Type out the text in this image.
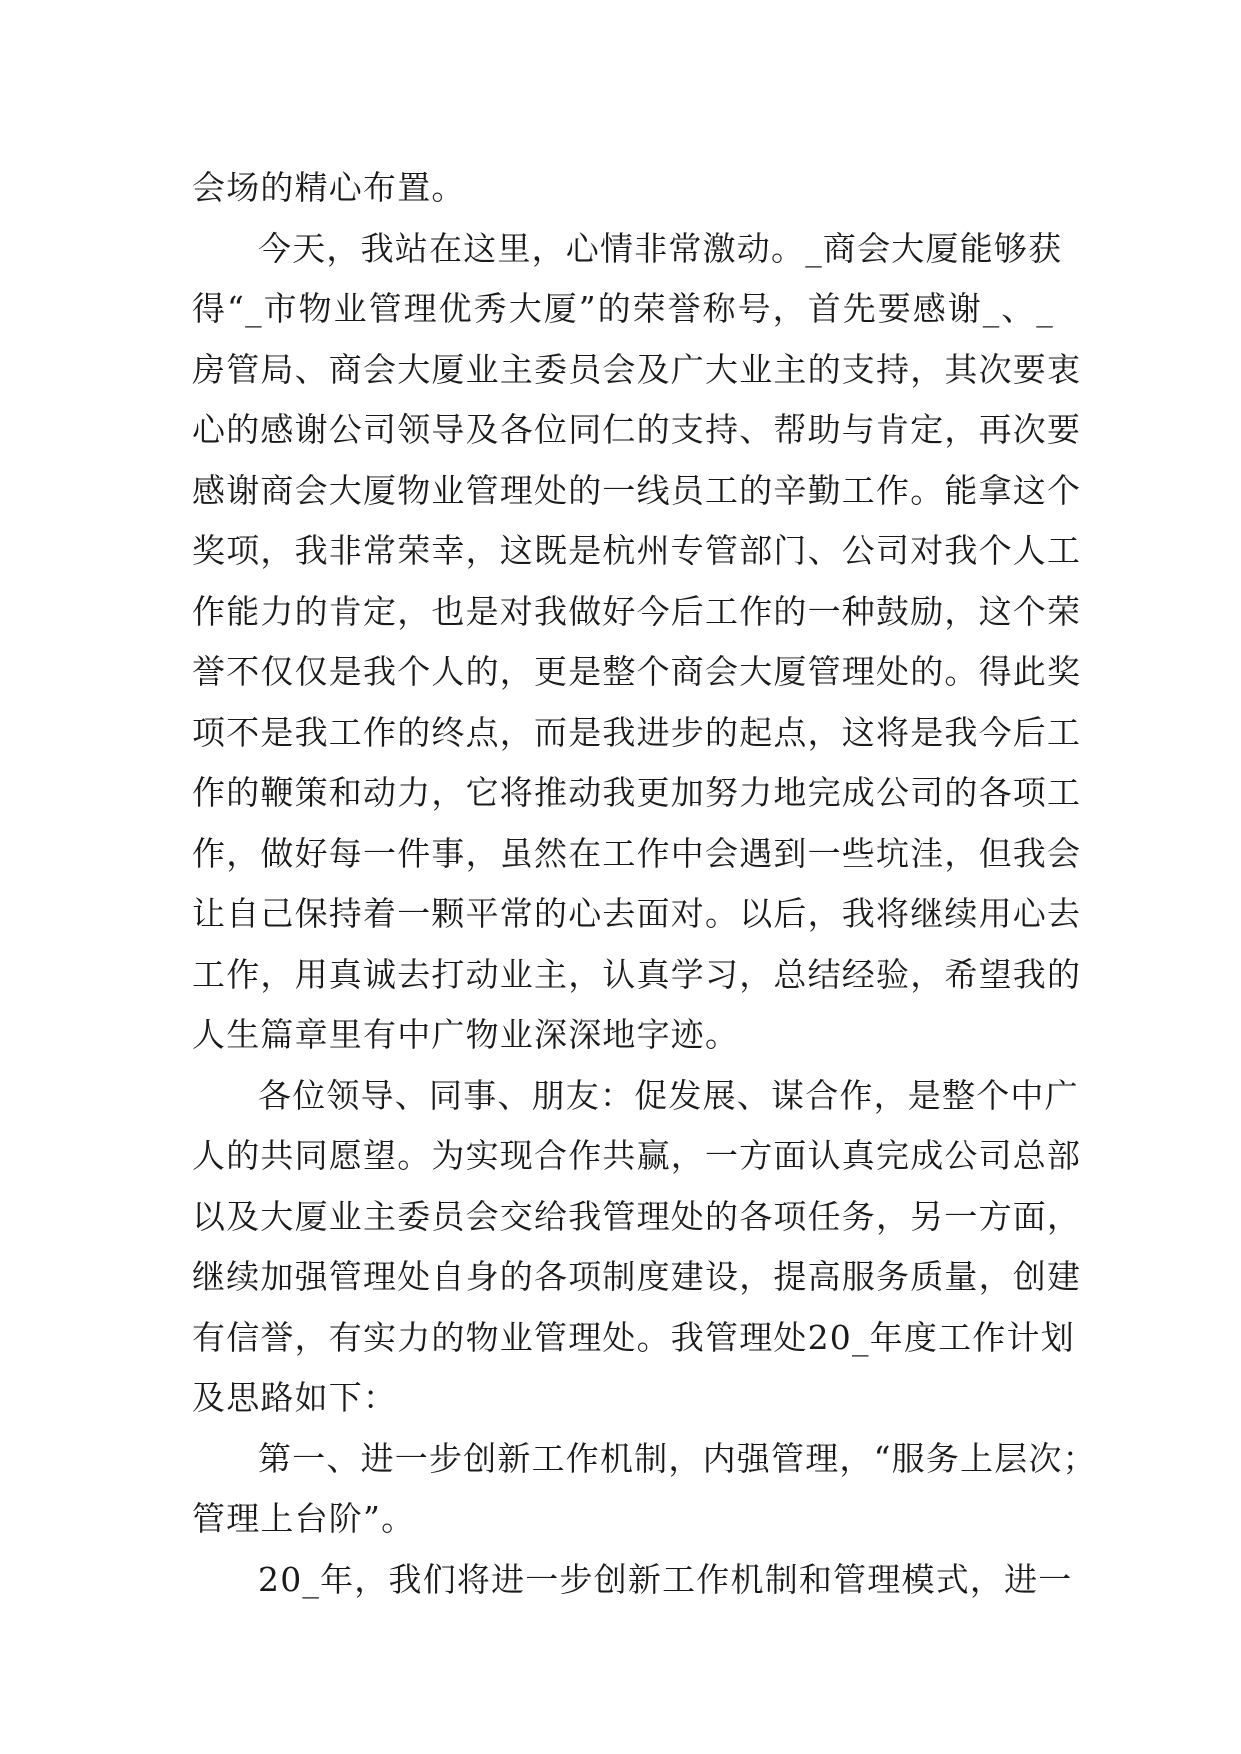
会场的精心布置。
今天，我站在这里，心情非常激动。_商会大厦能够获
得“_市物业管理优秀大厦”的荣誉称号，首先要感谢_、_
房管局、商会大厦业主委员会及广大业主的支持，其次要衷
心的感谢公司领导及各位同仁的支持、帮助与肯定，再次要
感谢商会大厦物业管理处的一线员工的辛勤工作。能拿这个
奖项，我非常荣幸，这既是杭州专管部门、公司对我个人工
作能力的肯定，也是对我做好今后工作的一种鼓励，这个荣
誉不仅仅是我个人的，更是整个商会大厦管理处的。得此奖
项不是我工作的终点，而是我进步的起点，这将是我今后工
作的鞭策和动力，它将推动我更加努力地完成公司的各项工
作，做好每一件事，虽然在工作中会遇到一些坑洼，但我会
让自己保持着一颗平常的心去面对。以后，我将继续用心去
工作，用真诚去打动业主，认真学习，总结经验，希望我的
人生篇章里有中广物业深深地字迹。
各位领导、同事、朋友：促发展、谋合作，是整个中广
人的共同愿望。为实现合作共赢，一方面认真完成公司总部
以及大厦业主委员会交给我管理处的各项任务，另一方面，
继续加强管理处自身的各项制度建设，提高服务质量，创建
有信誉，有实力的物业管理处。我管理处20_年度工作计划
及思路如下：
第一、进一步创新工作机制，内强管理，“服务上层次；
管理上台阶”。
20_年，我们将进一步创新工作机制和管理模式，进一
